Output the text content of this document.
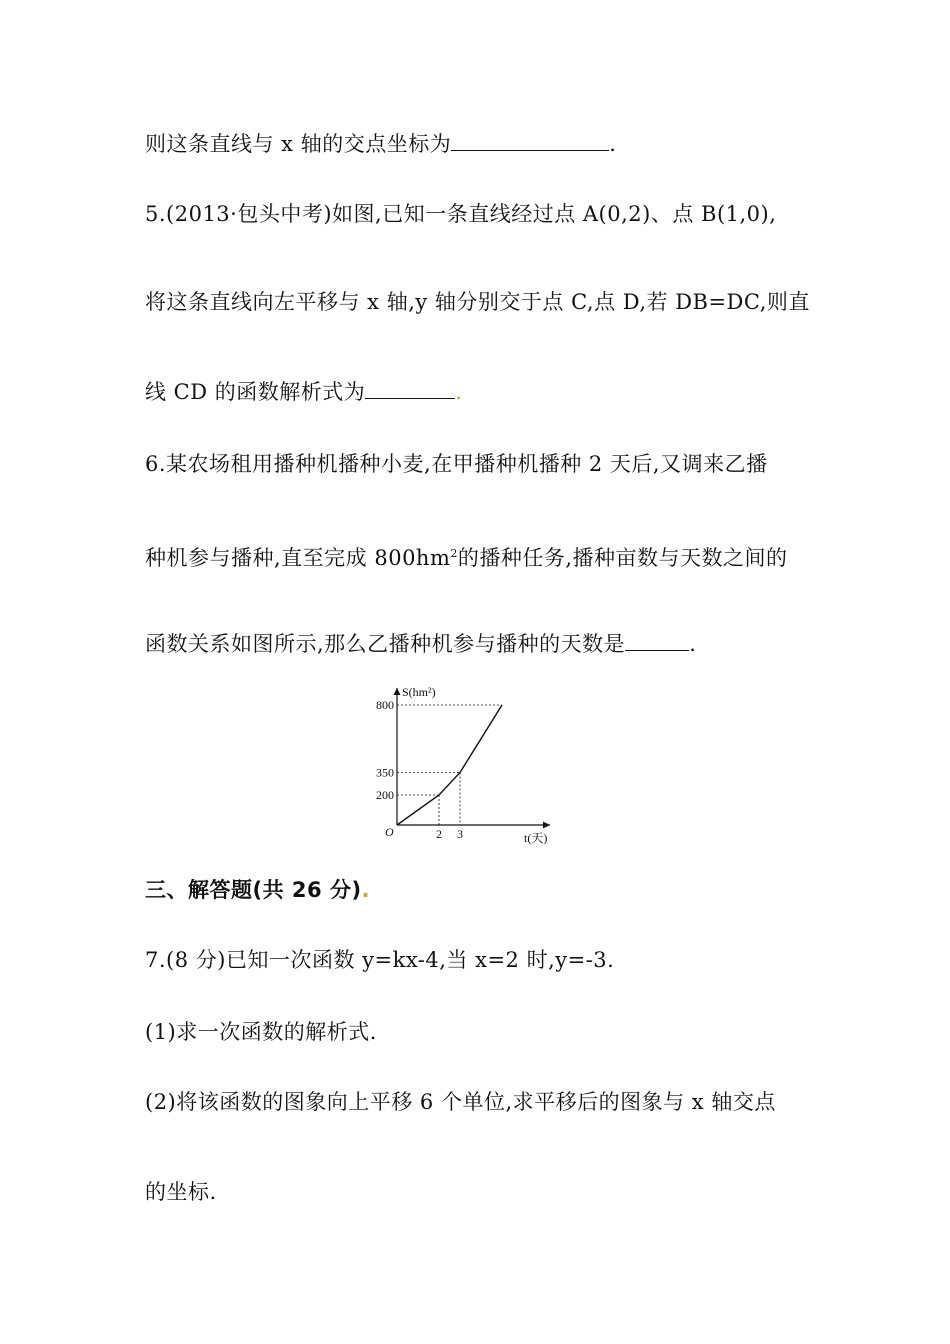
则这条直线与 x 轴的交点坐标为	.
5.(2013·包头中考)如图,已知一条直线经过点 A(0,2)、点 B(1,0),
将这条直线向左平移与 x 轴,y 轴分别交于点 C,点 D,若 DB=DC,则直
线 CD 的函数解析式为	.
6.某农场租用播种机播种小麦,在甲播种机播种 2 天后,又调来乙播
种机参与播种,直至完成 $800hm^2$的播种任务,播种亩数与天数之间的
函数关系如图所示,那么乙播种机参与播种的天数是	.
S(hm²)
t(天)
O
200
350
800
2 3
三、解答题(共 26 分).
7.(8 分)已知一次函数 y=kx-4,当 x=2 时,y=-3.
(1)求一次函数的解析式.
(2)将该函数的图象向上平移 6 个单位,求平移后的图象与 x 轴交点
的坐标.
